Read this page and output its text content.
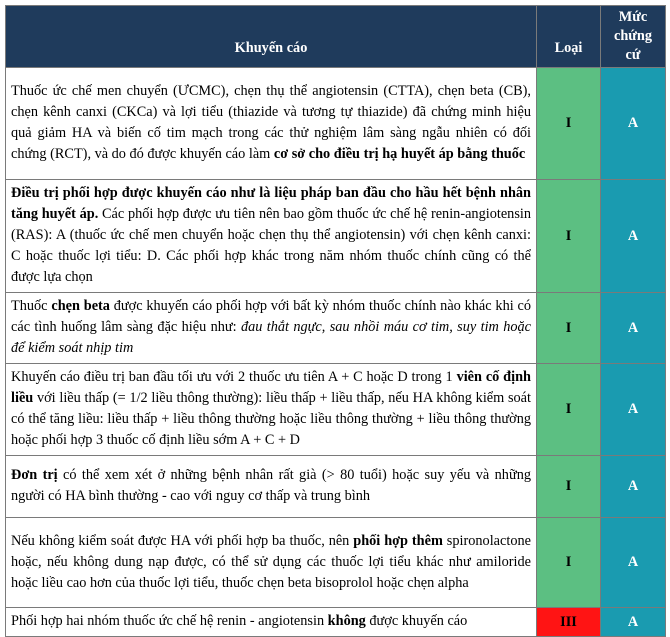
Khuyến cáo	Loại	Mức
chứng cứ
Thuốc ức chế men chuyển (ƯCMC), chẹn thụ thể angiotensin (CTTA), chẹn beta (CB), chẹn kênh canxi (CKCa) và lợi tiểu (thiazide và tương tự thiazide) đã chứng minh hiệu quả giảm HA và biến cố tim mạch trong các thử nghiệm lâm sàng ngẫu nhiên có đối chứng (RCT), và do đó được khuyến cáo làm cơ sở cho điều trị hạ huyết áp bằng thuốc	I	A
Điều trị phối hợp được khuyến cáo như là liệu pháp ban đầu cho hầu hết bệnh nhân tăng huyết áp. Các phối hợp được ưu tiên nên bao gồm thuốc ức chế hệ renin-angiotensin (RAS): A (thuốc ức chế men chuyển hoặc chẹn thụ thể angiotensin) với chẹn kênh canxi: C hoặc thuốc lợi tiểu: D. Các phối hợp khác trong năm nhóm thuốc chính cũng có thể được lựa chọn	I	A
Thuốc chẹn beta được khuyến cáo phối hợp với bất kỳ nhóm thuốc chính nào khác khi có các tình huống lâm sàng đặc hiệu như: đau thắt ngực, sau nhồi máu cơ tim, suy tim hoặc để kiểm soát nhịp tim	I	A
Khuyến cáo điều trị ban đầu tối ưu với 2 thuốc ưu tiên A + C hoặc D trong 1 viên cố định liều với liều thấp (= 1/2 liều thông thường): liều thấp + liều thấp, nếu HA không kiểm soát có thể tăng liều: liều thấp + liều thông thường hoặc liều thông thường + liều thông thường hoặc phối hợp 3 thuốc cố định liều sớm A + C + D	I	A
Đơn trị có thể xem xét ở những bệnh nhân rất già (> 80 tuổi) hoặc suy yếu và những người có HA bình thường - cao với nguy cơ thấp và trung bình	I	A
Nếu không kiểm soát được HA với phối hợp ba thuốc, nên phối hợp thêm spironolactone hoặc, nếu không dung nạp được, có thể sử dụng các thuốc lợi tiểu khác như amiloride hoặc liều cao hơn của thuốc lợi tiểu, thuốc chẹn beta bisoprolol hoặc chẹn alpha	I	A
Phối hợp hai nhóm thuốc ức chế hệ renin - angiotensin không được khuyến cáo	III	A
